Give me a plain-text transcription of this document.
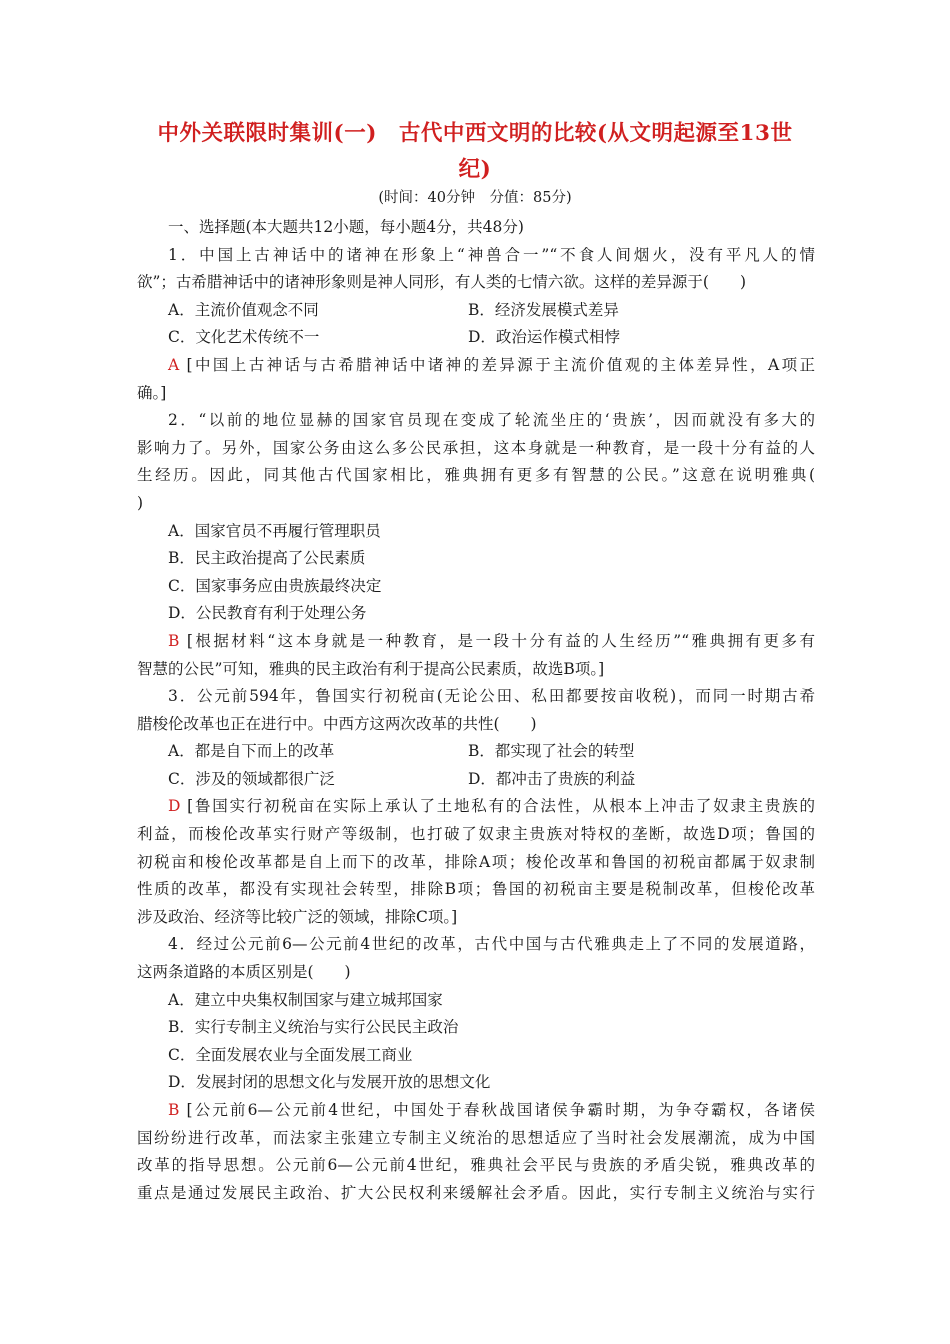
中外关联限时集训(一)　古代中西文明的比较(从文明起源至13世
纪)
(时间：40分钟　分值：85分)
一、选择题(本大题共12小题，每小题4分，共48分)
1．中国上古神话中的诸神在形象上“神兽合一”“不食人间烟火，没有平凡人的情
欲”；古希腊神话中的诸神形象则是神人同形，有人类的七情六欲。这样的差异源于(　　)
A．主流价值观念不同	B．经济发展模式差异
C．文化艺术传统不一	D．政治运作模式相悖
A [中国上古神话与古希腊神话中诸神的差异源于主流价值观的主体差异性，A项正
确。]
2．“以前的地位显赫的国家官员现在变成了轮流坐庄的‘贵族’，因而就没有多大的
影响力了。另外，国家公务由这么多公民承担，这本身就是一种教育，是一段十分有益的人
生经历。因此，同其他古代国家相比，雅典拥有更多有智慧的公民。”这意在说明雅典(
)
A．国家官员不再履行管理职员
B．民主政治提高了公民素质
C．国家事务应由贵族最终决定
D．公民教育有利于处理公务
B [根据材料“这本身就是一种教育，是一段十分有益的人生经历”“雅典拥有更多有
智慧的公民”可知，雅典的民主政治有利于提高公民素质，故选B项。]
3．公元前594年，鲁国实行初税亩(无论公田、私田都要按亩收税)，而同一时期古希
腊梭伦改革也正在进行中。中西方这两次改革的共性(　　)
A．都是自下而上的改革	B．都实现了社会的转型
C．涉及的领域都很广泛	D．都冲击了贵族的利益
D [鲁国实行初税亩在实际上承认了土地私有的合法性，从根本上冲击了奴隶主贵族的
利益，而梭伦改革实行财产等级制，也打破了奴隶主贵族对特权的垄断，故选D项；鲁国的
初税亩和梭伦改革都是自上而下的改革，排除A项；梭伦改革和鲁国的初税亩都属于奴隶制
性质的改革，都没有实现社会转型，排除B项；鲁国的初税亩主要是税制改革，但梭伦改革
涉及政治、经济等比较广泛的领域，排除C项。]
4．经过公元前6—公元前4世纪的改革，古代中国与古代雅典走上了不同的发展道路，
这两条道路的本质区别是(　　)
A．建立中央集权制国家与建立城邦国家
B．实行专制主义统治与实行公民民主政治
C．全面发展农业与全面发展工商业
D．发展封闭的思想文化与发展开放的思想文化
B [公元前6—公元前4世纪，中国处于春秋战国诸侯争霸时期，为争夺霸权，各诸侯
国纷纷进行改革，而法家主张建立专制主义统治的思想适应了当时社会发展潮流，成为中国
改革的指导思想。公元前6—公元前4世纪，雅典社会平民与贵族的矛盾尖锐，雅典改革的
重点是通过发展民主政治、扩大公民权利来缓解社会矛盾。因此，实行专制主义统治与实行
